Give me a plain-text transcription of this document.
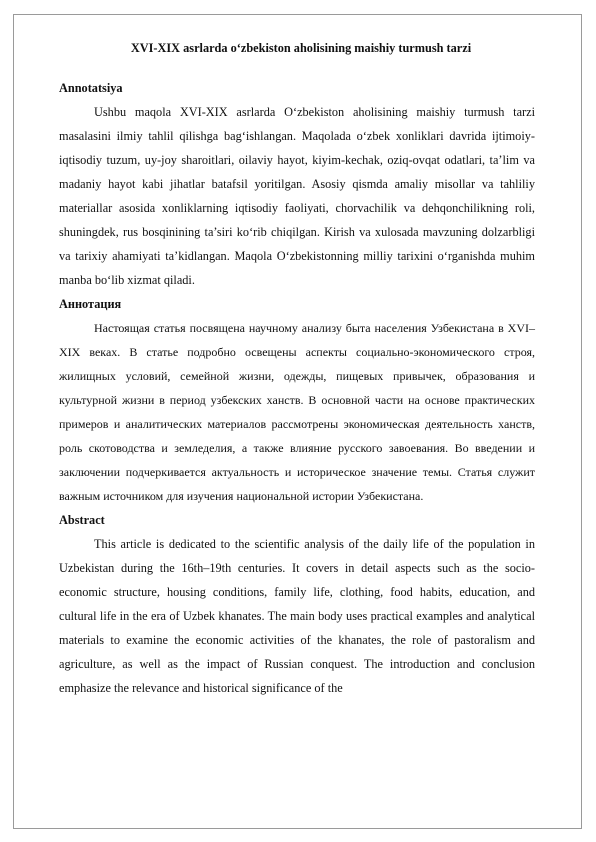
XVI-XIX asrlarda o‘zbekiston aholisining maishiy turmush tarzi

Annotatsiya

Ushbu maqola XVI-XIX asrlarda O‘zbekiston aholisining maishiy turmush tarzi masalasini ilmiy tahlil qilishga bag‘ishlangan. Maqolada o‘zbek xonliklari davrida ijtimoiy-iqtisodiy tuzum, uy-joy sharoitlari, oilaviy hayot, kiyim-kechak, oziq-ovqat odatlari, ta’lim va madaniy hayot kabi jihatlar batafsil yoritilgan. Asosiy qismda amaliy misollar va tahliliy materiallar asosida xonliklarning iqtisodiy faoliyati, chorvachilik va dehqonchilikning roli, shuningdek, rus bosqinining ta’siri ko‘rib chiqilgan. Kirish va xulosada mavzuning dolzarbligi va tarixiy ahamiyati ta’kidlangan. Maqola O‘zbekistonning milliy tarixini o‘rganishda muhim manba bo‘lib xizmat qiladi.

Аннотация

Настоящая статья посвящена научному анализу быта населения Узбекистана в XVI–XIX веках. В статье подробно освещены аспекты социально-экономического строя, жилищных условий, семейной жизни, одежды, пищевых привычек, образования и культурной жизни в период узбекских ханств. В основной части на основе практических примеров и аналитических материалов рассмотрены экономическая деятельность ханств, роль скотоводства и земледелия, а также влияние русского завоевания. Во введении и заключении подчеркивается актуальность и историческое значение темы. Статья служит важным источником для изучения национальной истории Узбекистана.

Abstract

This article is dedicated to the scientific analysis of the daily life of the population in Uzbekistan during the 16th–19th centuries. It covers in detail aspects such as the socio-economic structure, housing conditions, family life, clothing, food habits, education, and cultural life in the era of Uzbek khanates. The main body uses practical examples and analytical materials to examine the economic activities of the khanates, the role of pastoralism and agriculture, as well as the impact of Russian conquest. The introduction and conclusion emphasize the relevance and historical significance of the
